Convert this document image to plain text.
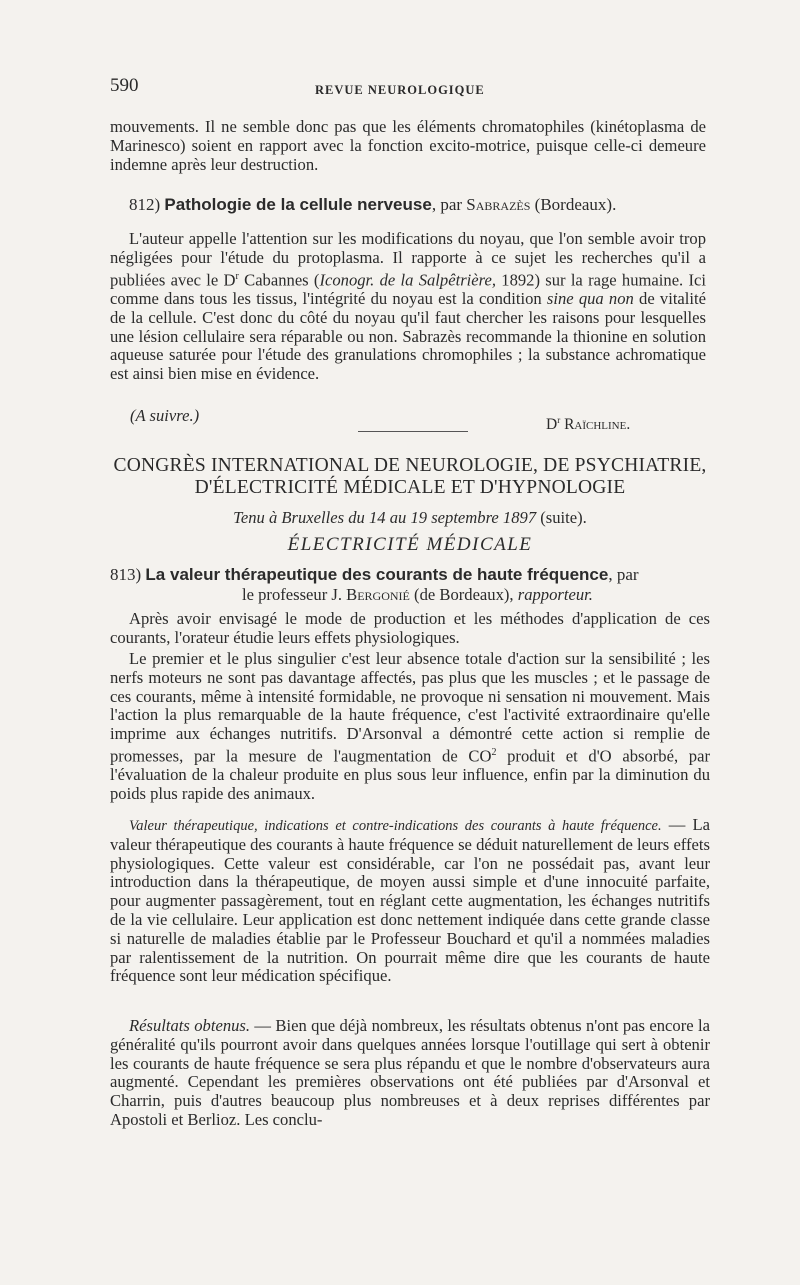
590	REVUE NEUROLOGIQUE
mouvements. Il ne semble donc pas que les éléments chromatophiles (kinétoplasma de Marinesco) soient en rapport avec la fonction excito-motrice, puisque celle-ci demeure indemne après leur destruction.
812) Pathologie de la cellule nerveuse, par Sabrazès (Bordeaux).
L'auteur appelle l'attention sur les modifications du noyau, que l'on semble avoir trop négligées pour l'étude du protoplasma. Il rapporte à ce sujet les recherches qu'il a publiées avec le $D^r$ Cabannes (Iconogr. de la Salpêtrière, 1892) sur la rage humaine. Ici comme dans tous les tissus, l'intégrité du noyau est la condition sine qua non de vitalité de la cellule. C'est donc du côté du noyau qu'il faut chercher les raisons pour lesquelles une lésion cellulaire sera réparable ou non. Sabrazès recommande la thionine en solution aqueuse saturée pour l'étude des granulations chromophiles ; la substance achromatique est ainsi bien mise en évidence.
(A suivre.)	$D^r$ Raïchline.
CONGRÈS INTERNATIONAL DE NEUROLOGIE, DE PSYCHIATRIE,
D'ÉLECTRICITÉ MÉDICALE ET D'HYPNOLOGIE
Tenu à Bruxelles du 14 au 19 septembre 1897 (suite).
ÉLECTRICITÉ MÉDICALE
813) La valeur thérapeutique des courants de haute fréquence, par
le professeur J. Bergonié (de Bordeaux), rapporteur.
Après avoir envisagé le mode de production et les méthodes d'application de ces courants, l'orateur étudie leurs effets physiologiques.
Le premier et le plus singulier c'est leur absence totale d'action sur la sensibilité ; les nerfs moteurs ne sont pas davantage affectés, pas plus que les muscles ; et le passage de ces courants, même à intensité formidable, ne provoque ni sensation ni mouvement. Mais l'action la plus remarquable de la haute fréquence, c'est l'activité extraordinaire qu'elle imprime aux échanges nutritifs. D'Arsonval a démontré cette action si remplie de promesses, par la mesure de l'augmentation de $CO^2$ produit et d'O absorbé, par l'évaluation de la chaleur produite en plus sous leur influence, enfin par la diminution du poids plus rapide des animaux.
Valeur thérapeutique, indications et contre-indications des courants à haute fréquence. — La valeur thérapeutique des courants à haute fréquence se déduit naturellement de leurs effets physiologiques. Cette valeur est considérable, car l'on ne possédait pas, avant leur introduction dans la thérapeutique, de moyen aussi simple et d'une innocuité parfaite, pour augmenter passagèrement, tout en réglant cette augmentation, les échanges nutritifs de la vie cellulaire. Leur application est donc nettement indiquée dans cette grande classe si naturelle de maladies établie par le Professeur Bouchard et qu'il a nommées maladies par ralentissement de la nutrition. On pourrait même dire que les courants de haute fréquence sont leur médication spécifique.
Résultats obtenus. — Bien que déjà nombreux, les résultats obtenus n'ont pas encore la généralité qu'ils pourront avoir dans quelques années lorsque l'outillage qui sert à obtenir les courants de haute fréquence se sera plus répandu et que le nombre d'observateurs aura augmenté. Cependant les premières observations ont été publiées par d'Arsonval et Charrin, puis d'autres beaucoup plus nombreuses et à deux reprises différentes par Apostoli et Berlioz. Les conclu-
